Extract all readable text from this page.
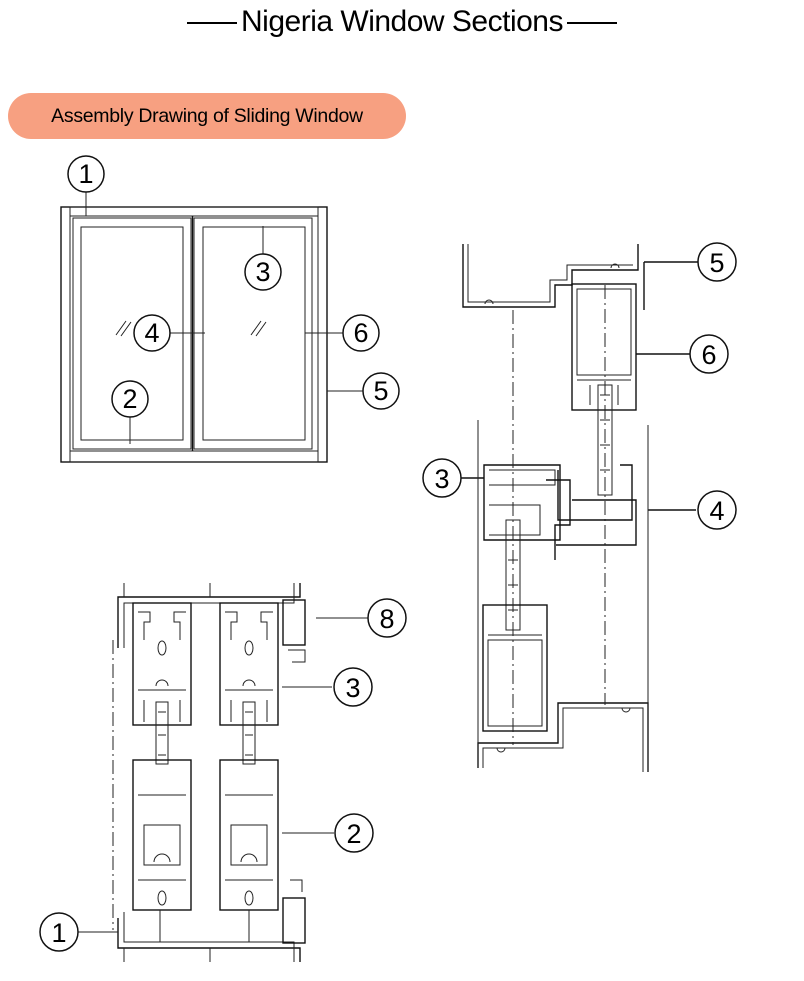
Nigeria Window Sections
Assembly Drawing of Sliding Window
1
3
4	6
5
2
5
6
3
4
8
3
2
1
